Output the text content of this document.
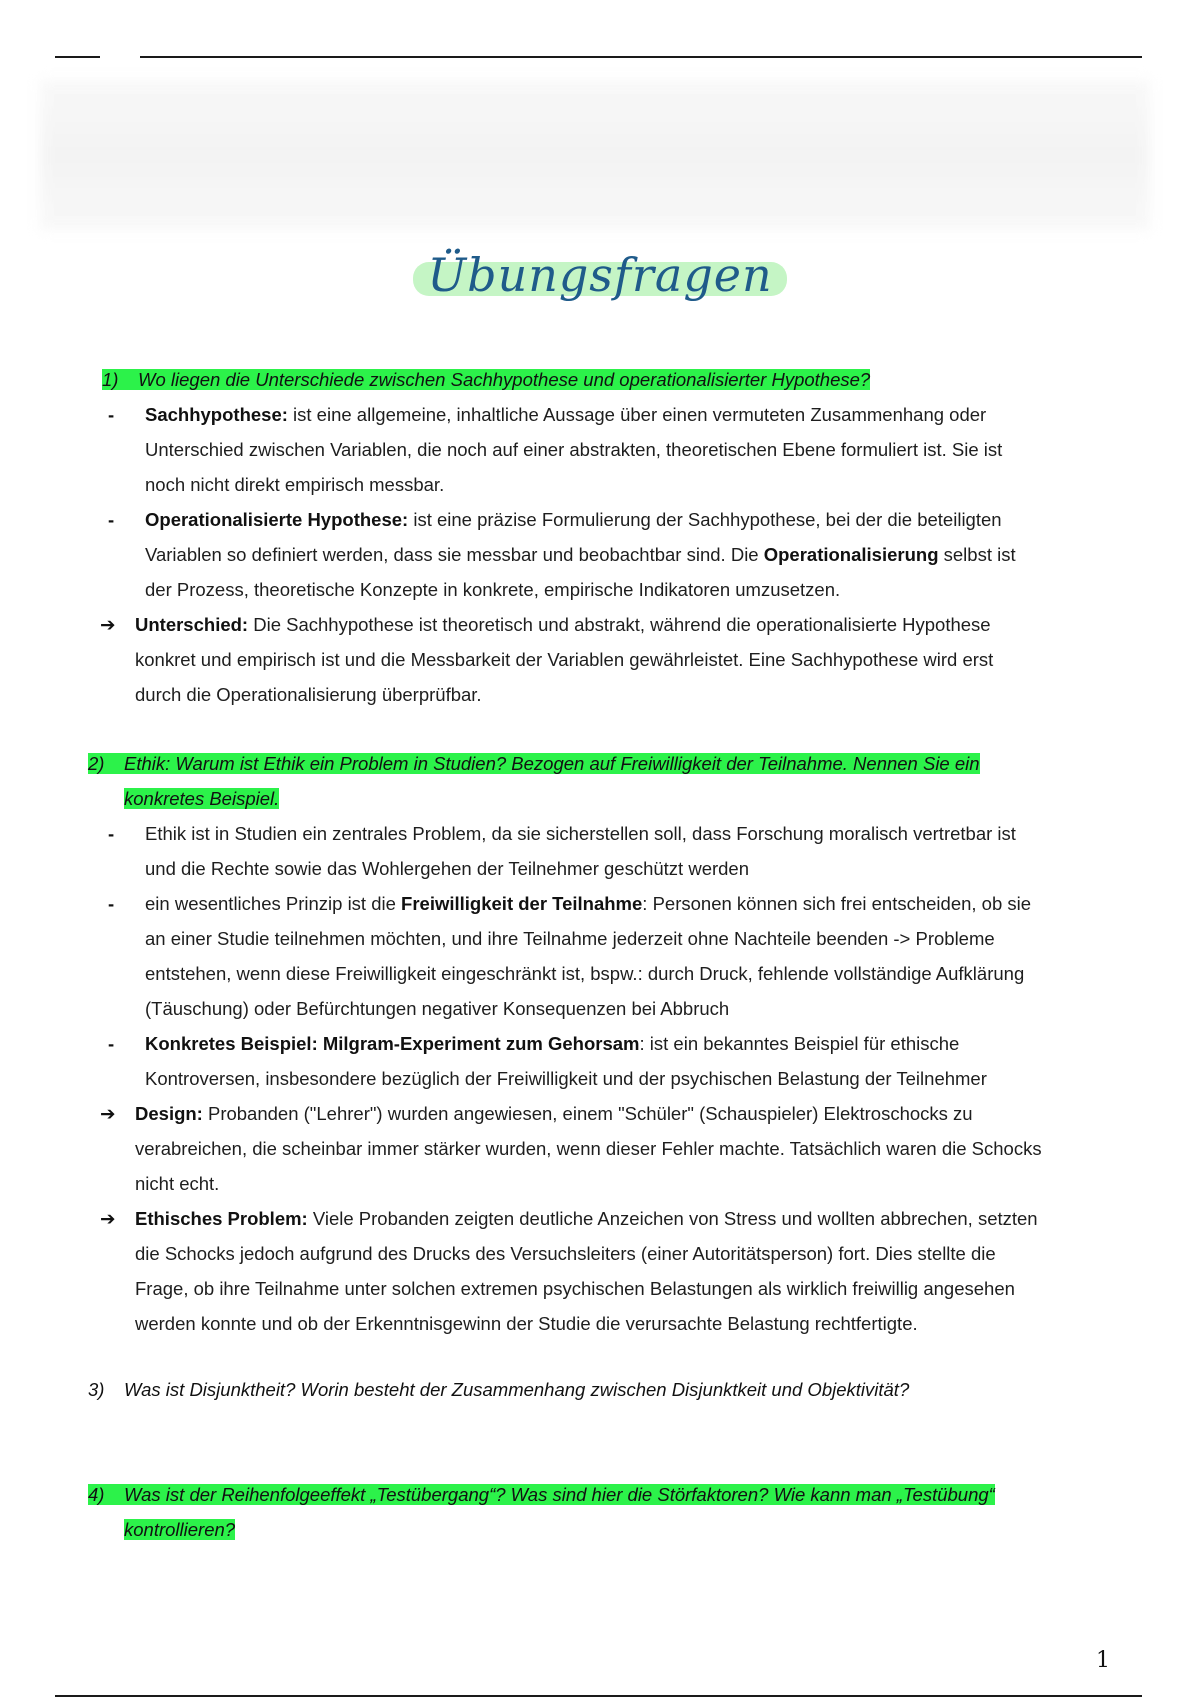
Übungsfragen
1) Wo liegen die Unterschiede zwischen Sachhypothese und operationalisierter Hypothese?
- Sachhypothese: ist eine allgemeine, inhaltliche Aussage über einen vermuteten Zusammenhang oder
Unterschied zwischen Variablen, die noch auf einer abstrakten, theoretischen Ebene formuliert ist. Sie ist
noch nicht direkt empirisch messbar.
- Operationalisierte Hypothese: ist eine präzise Formulierung der Sachhypothese, bei der die beteiligten
Variablen so definiert werden, dass sie messbar und beobachtbar sind. Die Operationalisierung selbst ist
der Prozess, theoretische Konzepte in konkrete, empirische Indikatoren umzusetzen.
➔ Unterschied: Die Sachhypothese ist theoretisch und abstrakt, während die operationalisierte Hypothese
konkret und empirisch ist und die Messbarkeit der Variablen gewährleistet. Eine Sachhypothese wird erst
durch die Operationalisierung überprüfbar.
2) Ethik: Warum ist Ethik ein Problem in Studien? Bezogen auf Freiwilligkeit der Teilnahme. Nennen Sie ein
konkretes Beispiel.
- Ethik ist in Studien ein zentrales Problem, da sie sicherstellen soll, dass Forschung moralisch vertretbar ist
und die Rechte sowie das Wohlergehen der Teilnehmer geschützt werden
- ein wesentliches Prinzip ist die Freiwilligkeit der Teilnahme: Personen können sich frei entscheiden, ob sie
an einer Studie teilnehmen möchten, und ihre Teilnahme jederzeit ohne Nachteile beenden -> Probleme
entstehen, wenn diese Freiwilligkeit eingeschränkt ist, bspw.: durch Druck, fehlende vollständige Aufklärung
(Täuschung) oder Befürchtungen negativer Konsequenzen bei Abbruch
- Konkretes Beispiel: Milgram-Experiment zum Gehorsam: ist ein bekanntes Beispiel für ethische
Kontroversen, insbesondere bezüglich der Freiwilligkeit und der psychischen Belastung der Teilnehmer
➔ Design: Probanden ("Lehrer") wurden angewiesen, einem "Schüler" (Schauspieler) Elektroschocks zu
verabreichen, die scheinbar immer stärker wurden, wenn dieser Fehler machte. Tatsächlich waren die Schocks
nicht echt.
➔ Ethisches Problem: Viele Probanden zeigten deutliche Anzeichen von Stress und wollten abbrechen, setzten
die Schocks jedoch aufgrund des Drucks des Versuchsleiters (einer Autoritätsperson) fort. Dies stellte die
Frage, ob ihre Teilnahme unter solchen extremen psychischen Belastungen als wirklich freiwillig angesehen
werden konnte und ob der Erkenntnisgewinn der Studie die verursachte Belastung rechtfertigte.
3) Was ist Disjunktheit? Worin besteht der Zusammenhang zwischen Disjunktkeit und Objektivität?
4) Was ist der Reihenfolgeeffekt „Testübergang“? Was sind hier die Störfaktoren? Wie kann man „Testübung“
kontrollieren?
1
